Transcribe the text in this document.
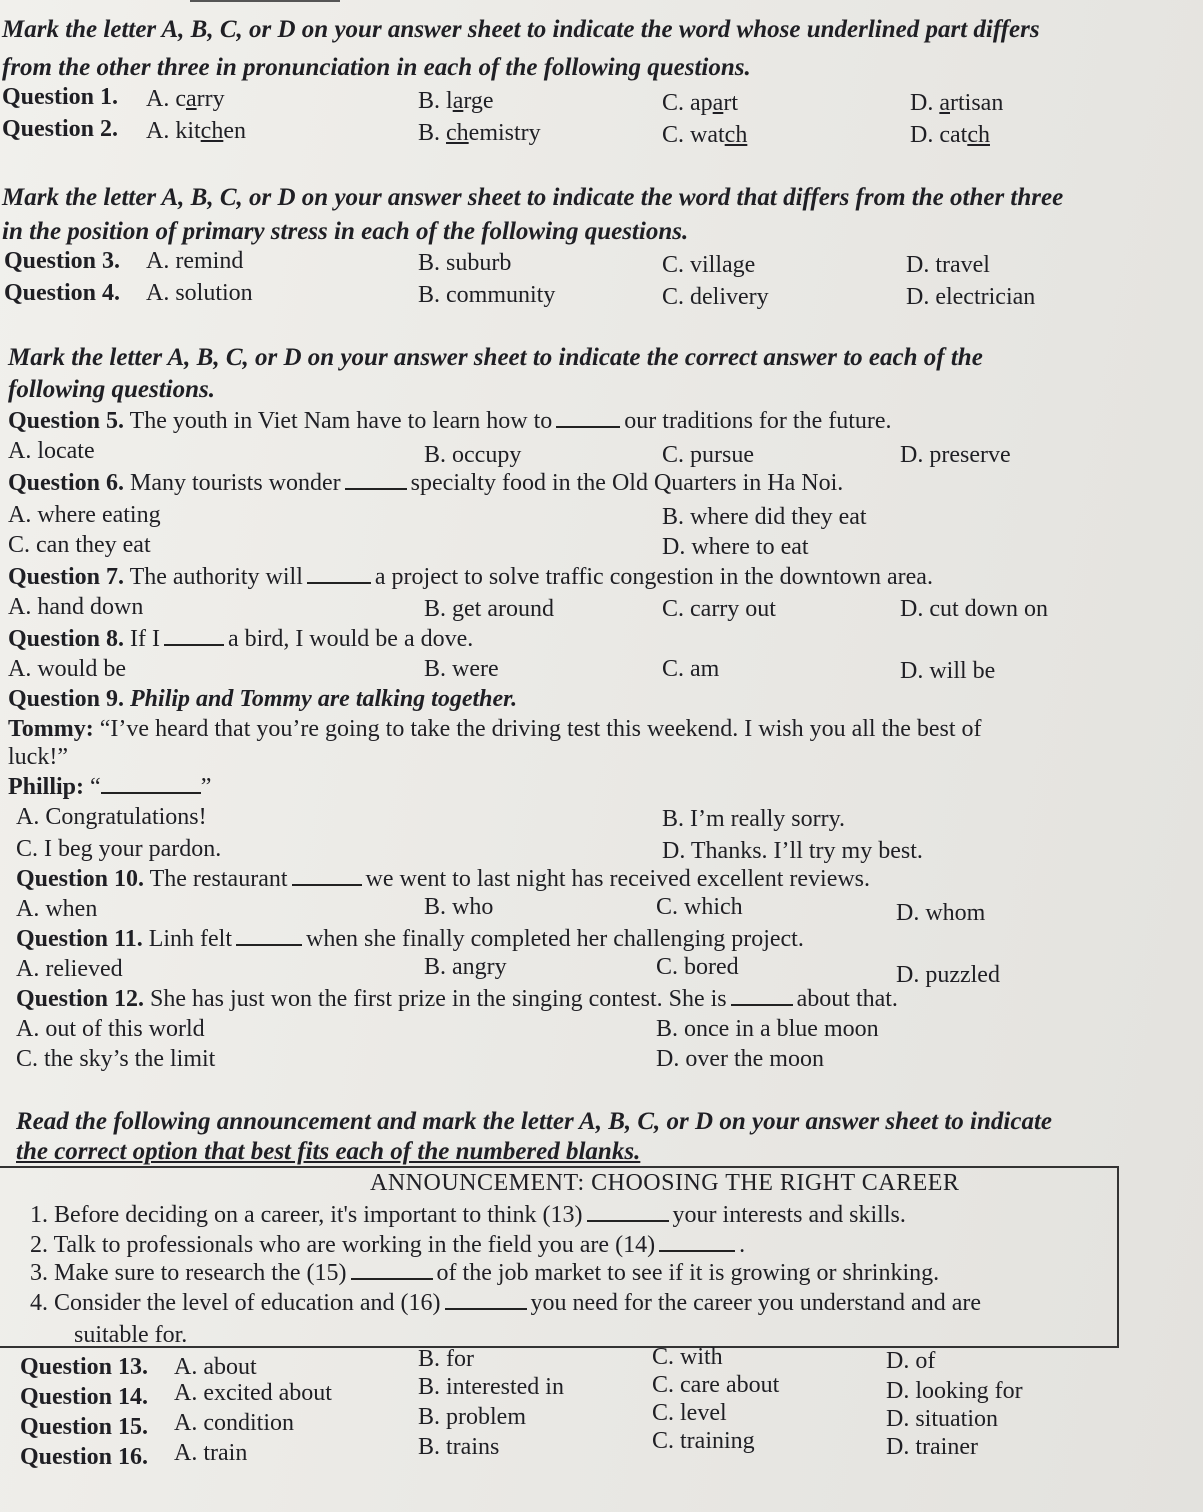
Mark the letter A, B, C, or D on your answer sheet to indicate the word whose underlined part differs
from the other three in pronunciation in each of the following questions.
Question 1. A. carry	B. large	C. apart	D. artisan
Question 2. A. kitchen	B. chemistry	C. watch	D. catch
Mark the letter A, B, C, or D on your answer sheet to indicate the word that differs from the other three
in the position of primary stress in each of the following questions.
Question 3. A. remind	B. suburb	C. village	D. travel
Question 4. A. solution	B. community	C. delivery	D. electrician
Mark the letter A, B, C, or D on your answer sheet to indicate the correct answer to each of the
following questions.
Question 5. The youth in Viet Nam have to learn how to	our traditions for the future.
A. locate	B. occupy	C. pursue	D. preserve
Question 6. Many tourists wonder	specialty food in the Old Quarters in Ha Noi.
A. where eating	B. where did they eat
C. can they eat	D. where to eat
Question 7. The authority will	a project to solve traffic congestion in the downtown area.
A. hand down	B. get around	C. carry out	D. cut down on
Question 8. If I	a bird, I would be a dove.
A. would be	B. were	C. am	D. will be
Question 9. Philip and Tommy are talking together.
Tommy: “I’ve heard that you’re going to take the driving test this weekend. I wish you all the best of
luck!”
Phillip: “	”
A. Congratulations!	B. I’m really sorry.
C. I beg your pardon.	D. Thanks. I’ll try my best.
Question 10. The restaurant	we went to last night has received excellent reviews.
A. when	B. who	C. which	D. whom
Question 11. Linh felt	when she finally completed her challenging project.
A. relieved	B. angry	C. bored	D. puzzled
Question 12. She has just won the first prize in the singing contest. She is	about that.
A. out of this world	B. once in a blue moon
C. the sky’s the limit	D. over the moon
Read the following announcement and mark the letter A, B, C, or D on your answer sheet to indicate
the correct option that best fits each of the numbered blanks.
ANNOUNCEMENT: CHOOSING THE RIGHT CAREER
1. Before deciding on a career, it's important to think (13)	your interests and skills.
2. Talk to professionals who are working in the field you are (14)	.
3. Make sure to research the (15)	of the job market to see if it is growing or shrinking.
4. Consider the level of education and (16)	you need for the career you understand and are
suitable for.
Question 13. A. about	B. for	C. with	D. of
Question 14. A. excited about	B. interested in	C. care about	D. looking for
Question 15. A. condition	B. problem	C. level	D. situation
Question 16. A. train	B. trains	C. training	D. trainer
